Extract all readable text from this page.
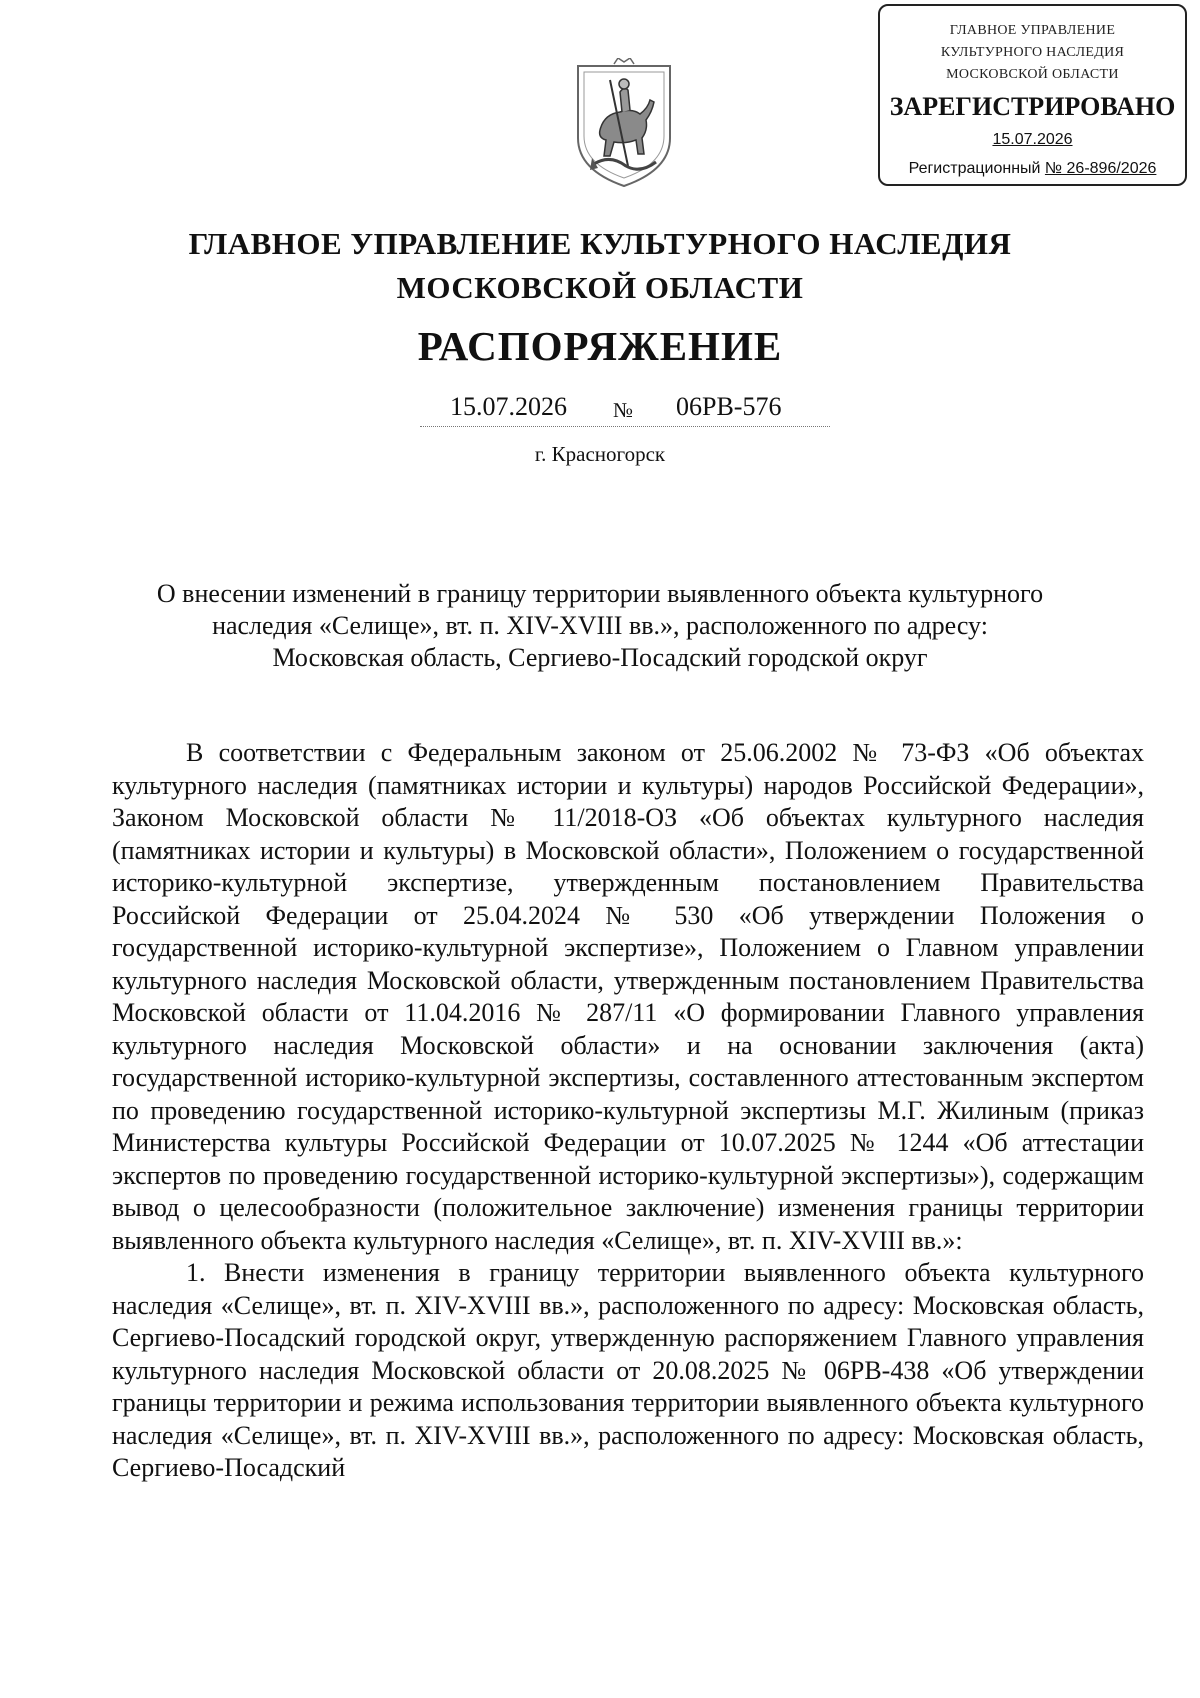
ГЛАВНОЕ УПРАВЛЕНИЕ
КУЛЬТУРНОГО НАСЛЕДИЯ
МОСКОВСКОЙ ОБЛАСТИ
ЗАРЕГИСТРИРОВАНО
15.07.2026
Регистрационный № 26-896/2026
ГЛАВНОЕ УПРАВЛЕНИЕ КУЛЬТУРНОГО НАСЛЕДИЯ
МОСКОВСКОЙ ОБЛАСТИ
РАСПОРЯЖЕНИЕ
15.07.2026 № 06РВ-576
г. Красногорск
О внесении изменений в границу территории выявленного объекта культурного
наследия «Селище», вт. п. XIV-XVIII вв.», расположенного по адресу:
Московская область, Сергиево-Посадский городской округ

В соответствии с Федеральным законом от 25.06.2002 № 73-ФЗ «Об объектах культурного наследия (памятниках истории и культуры) народов Российской Федерации», Законом Московской области № 11/2018-ОЗ «Об объектах культурного наследия (памятниках истории и культуры) в Московской области», Положением о государственной историко-культурной экспертизе, утвержденным постановлением Правительства Российской Федерации от 25.04.2024 № 530 «Об утверждении Положения о государственной историко-культурной экспертизе», Положением о Главном управлении культурного наследия Московской области, утвержденным постановлением Правительства Московской области от 11.04.2016 № 287/11 «О формировании Главного управления культурного наследия Московской области» и на основании заключения (акта) государственной историко-культурной экспертизы, составленного аттестованным экспертом по проведению государственной историко-культурной экспертизы М.Г. Жилиным (приказ Министерства культуры Российской Федерации от 10.07.2025 № 1244 «Об аттестации экспертов по проведению государственной историко-культурной экспертизы»), содержащим вывод о целесообразности (положительное заключение) изменения границы территории выявленного объекта культурного наследия «Селище», вт. п. XIV-XVIII вв.»:

1. Внести изменения в границу территории выявленного объекта культурного наследия «Селище», вт. п. XIV-XVIII вв.», расположенного по адресу: Московская область, Сергиево-Посадский городской округ, утвержденную распоряжением Главного управления культурного наследия Московской области от 20.08.2025 № 06РВ-438 «Об утверждении границы территории и режима использования территории выявленного объекта культурного наследия «Селище», вт. п. XIV-XVIII вв.», расположенного по адресу: Московская область, Сергиево-Посадский
